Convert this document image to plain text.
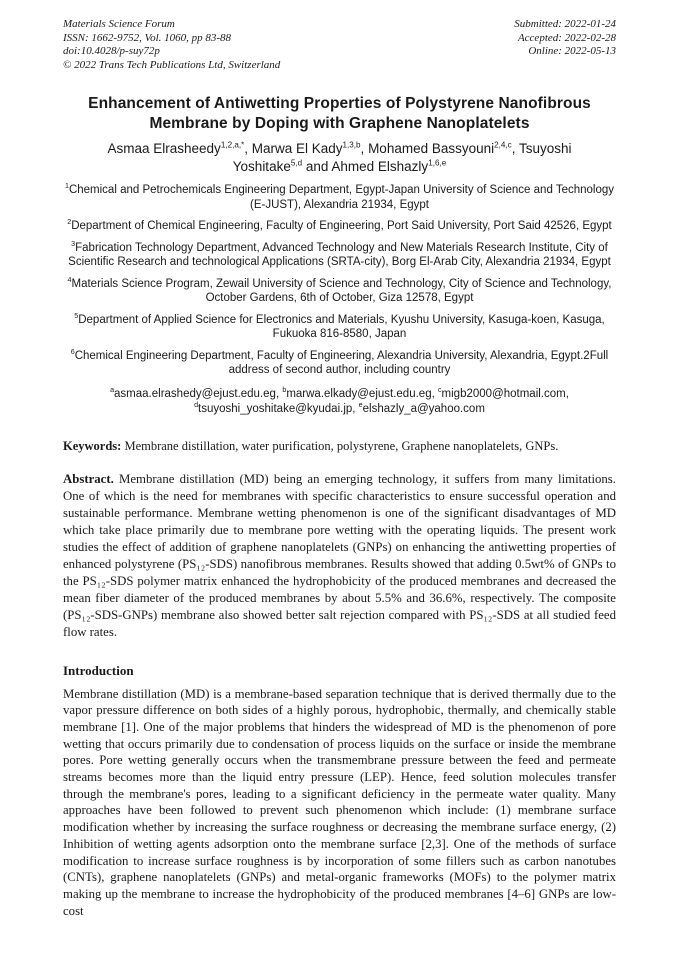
Materials Science Forum
ISSN: 1662-9752, Vol. 1060, pp 83-88
doi:10.4028/p-suy72p
© 2022 Trans Tech Publications Ltd, Switzerland
Submitted: 2022-01-24
Accepted: 2022-02-28
Online: 2022-05-13
Enhancement of Antiwetting Properties of Polystyrene Nanofibrous Membrane by Doping with Graphene Nanoplatelets

Asmaa Elrasheedy$^{1,2,a,*}$, Marwa El Kady$^{1,3,b}$, Mohamed Bassyouni$^{2,4,c}$, Tsuyoshi Yoshitake$^{5,d}$ and Ahmed Elshazly$^{1,6,e}$

$^1$Chemical and Petrochemicals Engineering Department, Egypt-Japan University of Science and Technology (E-JUST), Alexandria 21934, Egypt

$^2$Department of Chemical Engineering, Faculty of Engineering, Port Said University, Port Said 42526, Egypt

$^3$Fabrication Technology Department, Advanced Technology and New Materials Research Institute, City of Scientific Research and technological Applications (SRTA-city), Borg El-Arab City, Alexandria 21934, Egypt

$^4$Materials Science Program, Zewail University of Science and Technology, City of Science and Technology, October Gardens, 6th of October, Giza 12578, Egypt

$^5$Department of Applied Science for Electronics and Materials, Kyushu University, Kasuga-koen, Kasuga, Fukuoka 816-8580, Japan

$^6$Chemical Engineering Department, Faculty of Engineering, Alexandria University, Alexandria, Egypt.2Full address of second author, including country

$^a$asmaa.elrashedy@ejust.edu.eg, $^b$marwa.elkady@ejust.edu.eg, $^c$migb2000@hotmail.com, $^d$tsuyoshi_yoshitake@kyudai.jp, $^e$elshazly_a@yahoo.com

Keywords: Membrane distillation, water purification, polystyrene, Graphene nanoplatelets, GNPs.

Abstract. Membrane distillation (MD) being an emerging technology, it suffers from many limitations. One of which is the need for membranes with specific characteristics to ensure successful operation and sustainable performance. Membrane wetting phenomenon is one of the significant disadvantages of MD which take place primarily due to membrane pore wetting with the operating liquids. The present work studies the effect of addition of graphene nanoplatelets (GNPs) on enhancing the antiwetting properties of enhanced polystyrene (PS₁₂-SDS) nanofibrous membranes. Results showed that adding 0.5wt% of GNPs to the PS₁₂-SDS polymer matrix enhanced the hydrophobicity of the produced membranes and decreased the mean fiber diameter of the produced membranes by about 5.5% and 36.6%, respectively. The composite (PS₁₂-SDS-GNPs) membrane also showed better salt rejection compared with PS₁₂-SDS at all studied feed flow rates.

Introduction

Membrane distillation (MD) is a membrane-based separation technique that is derived thermally due to the vapor pressure difference on both sides of a highly porous, hydrophobic, thermally, and chemically stable membrane [1]. One of the major problems that hinders the widespread of MD is the phenomenon of pore wetting that occurs primarily due to condensation of process liquids on the surface or inside the membrane pores. Pore wetting generally occurs when the transmembrane pressure between the feed and permeate streams becomes more than the liquid entry pressure (LEP). Hence, feed solution molecules transfer through the membrane's pores, leading to a significant deficiency in the permeate water quality. Many approaches have been followed to prevent such phenomenon which include: (1) membrane surface modification whether by increasing the surface roughness or decreasing the membrane surface energy, (2) Inhibition of wetting agents adsorption onto the membrane surface [2,3]. One of the methods of surface modification to increase surface roughness is by incorporation of some fillers such as carbon nanotubes (CNTs), graphene nanoplatelets (GNPs) and metal-organic frameworks (MOFs) to the polymer matrix making up the membrane to increase the hydrophobicity of the produced membranes [4–6] GNPs are low-cost
